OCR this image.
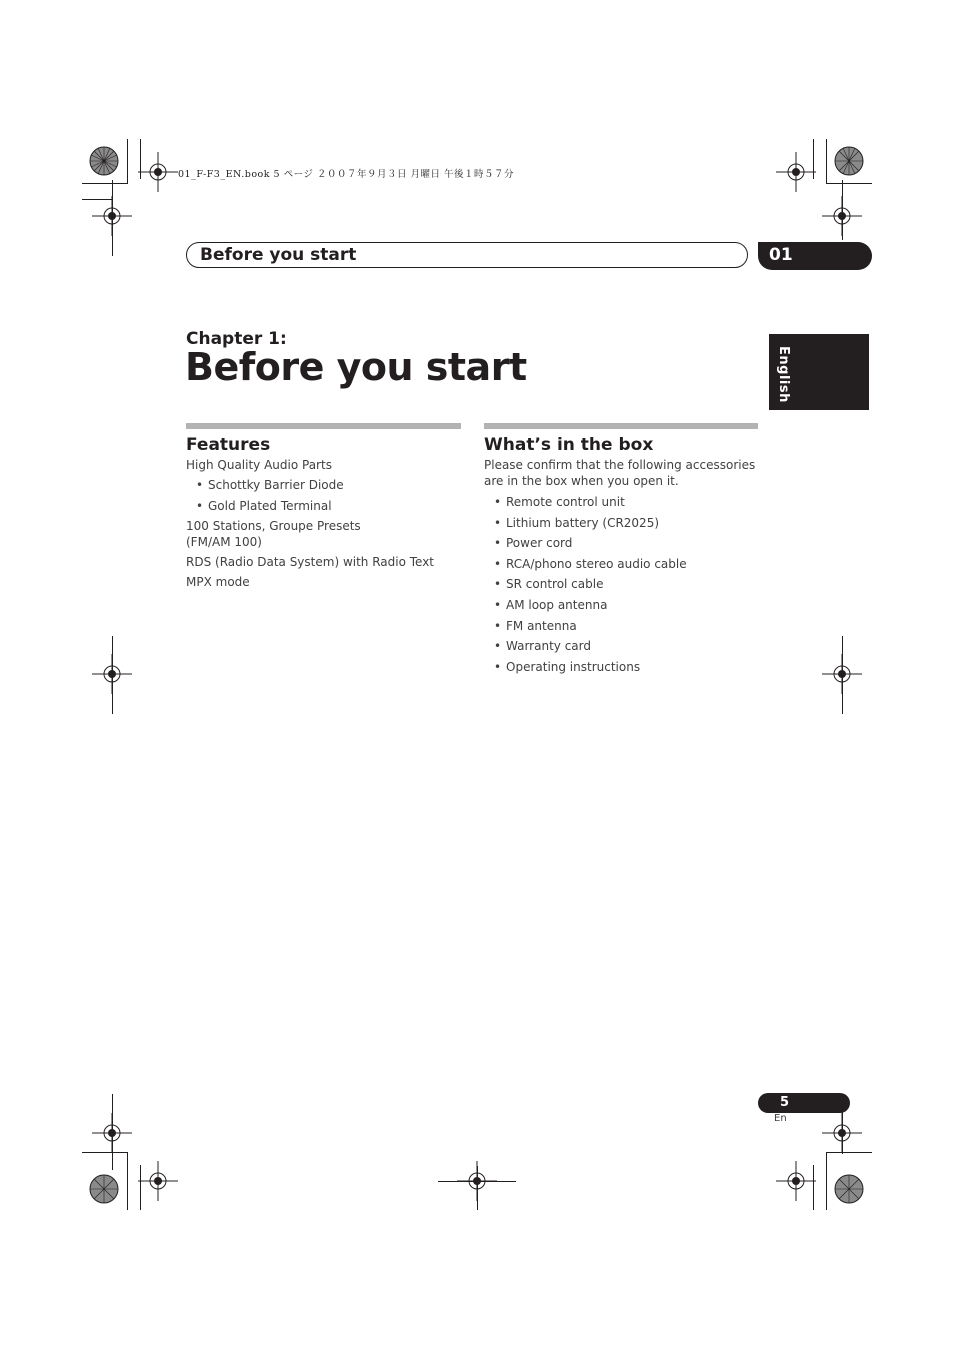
01_F-F3_EN.book 5 ページ ２００７年９月３日 月曜日 午後１時５７分
Before you start	01
Chapter 1:
Before you start	English
Features

High Quality Audio Parts

• Schottky Barrier Diode
• Gold Plated Terminal

100 Stations, Groupe Presets (FM/AM 100)

RDS (Radio Data System) with Radio Text

MPX mode

What’s in the box

Please confirm that the following accessories are in the box when you open it.

• Remote control unit
• Lithium battery (CR2025)
• Power cord
• RCA/phono stereo audio cable
• SR control cable
• AM loop antenna
• FM antenna
• Warranty card
• Operating instructions
5
En
